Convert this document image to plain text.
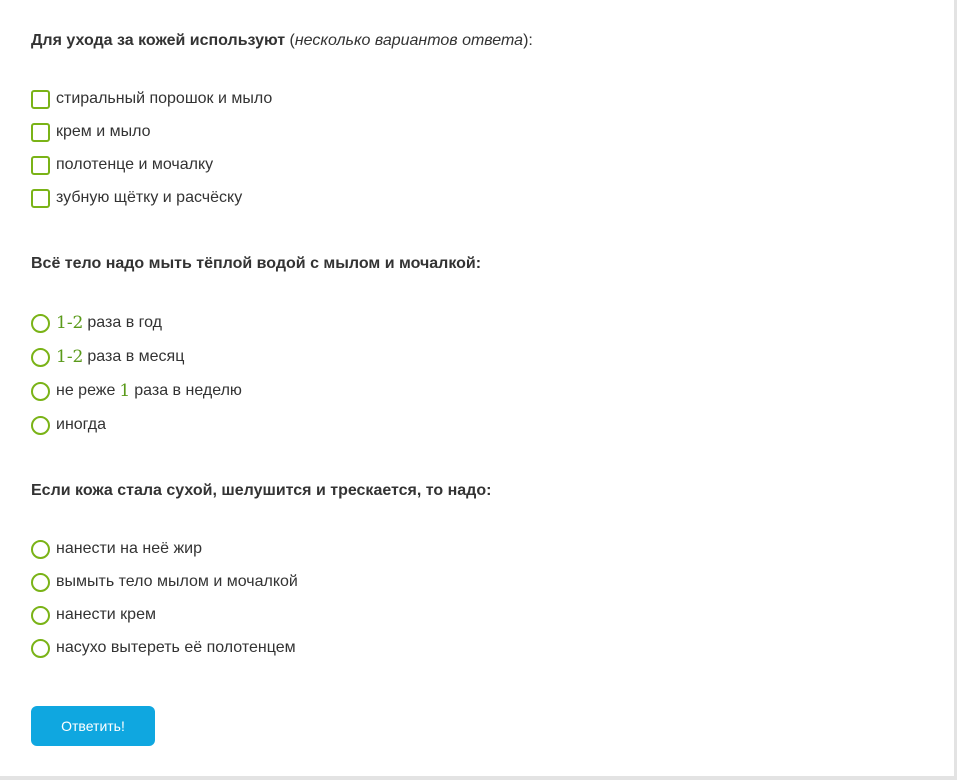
Для ухода за кожей используют (несколько вариантов ответа):
стиральный порошок и мыло
крем и мыло
полотенце и мочалку
зубную щётку и расчёску
Всё тело надо мыть тёплой водой с мылом и мочалкой:
1-2 раза в год
1-2 раза в месяц
не реже 1 раза в неделю
иногда
Если кожа стала сухой, шелушится и трескается, то надо:
нанести на неё жир
вымыть тело мылом и мочалкой
нанести крем
насухо вытереть её полотенцем
Ответить!
